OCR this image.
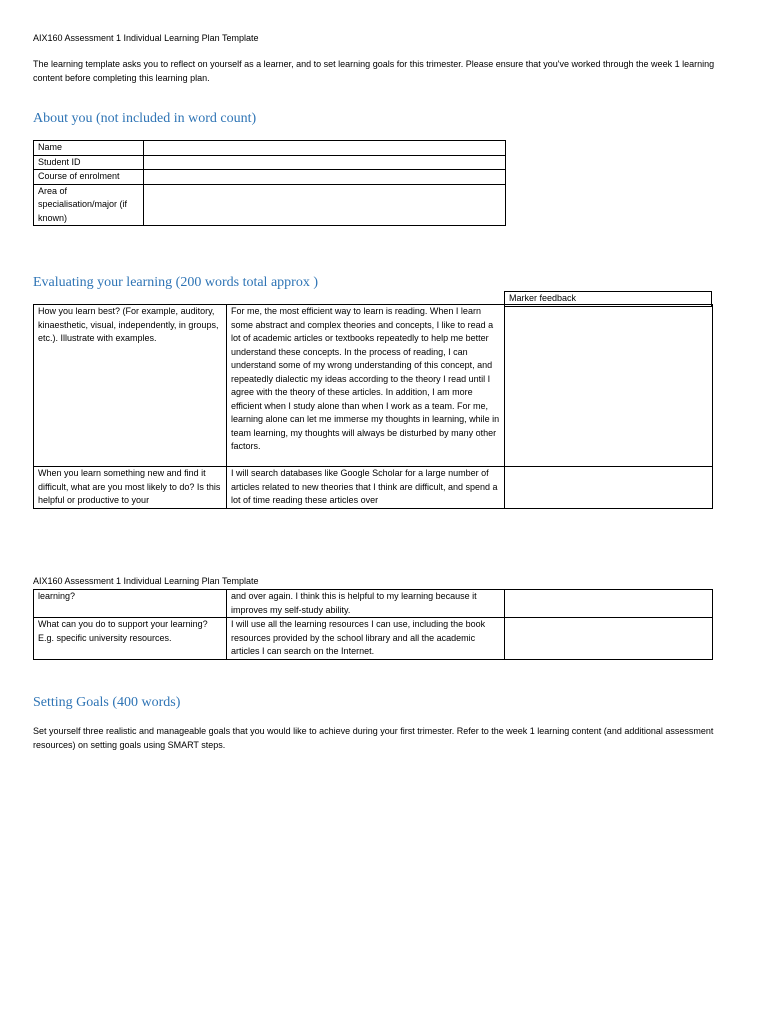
AIX160 Assessment 1 Individual Learning Plan Template
The learning template asks you to reflect on yourself as a learner, and to set learning goals for this trimester. Please ensure that you've worked through the week 1 learning content before completing this learning plan.
About you (not included in word count)
Name	
Student ID	
Course of enrolment	
Area of specialisation/major (if known)	
Evaluating your learning (200 words total approx )
Marker feedback
How you learn best? (For example, auditory, kinaesthetic, visual, independently, in groups, etc.). Illustrate with examples.	For me, the most efficient way to learn is reading. When I learn some abstract and complex theories and concepts, I like to read a lot of academic articles or textbooks repeatedly to help me better understand these concepts. In the process of reading, I can understand some of my wrong understanding of this concept, and repeatedly dialectic my ideas according to the theory I read until I agree with the theory of these articles. In addition, I am more efficient when I study alone than when I work as a team. For me, learning alone can let me immerse my thoughts in learning, while in team learning, my thoughts will always be disturbed by many other factors.	
When you learn something new and find it difficult, what are you most likely to do? Is this helpful or productive to your	I will search databases like Google Scholar for a large number of articles related to new theories that I think are difficult, and spend a lot of time reading these articles over	
AIX160 Assessment 1 Individual Learning Plan Template
learning?	and over again. I think this is helpful to my learning because it improves my self-study ability.	
What can you do to support your learning? E.g. specific university resources.	I will use all the learning resources I can use, including the book resources provided by the school library and all the academic articles I can search on the Internet.	
Setting Goals (400 words)
Set yourself three realistic and manageable goals that you would like to achieve during your first trimester. Refer to the week 1 learning content (and additional assessment resources) on setting goals using SMART steps.
